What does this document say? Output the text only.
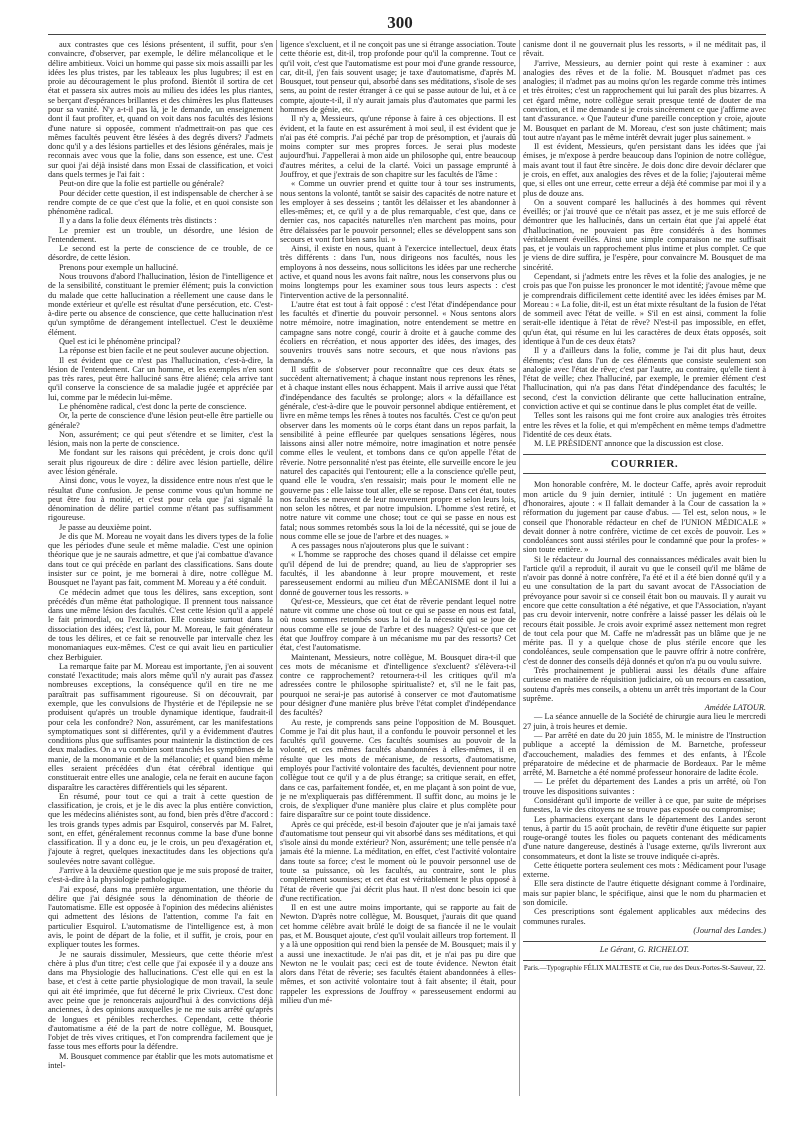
300

aux contrastes que ces lésions présentent, il suffit, pour s'en convaincre, d'observer, par exemple, le délire mélancolique et le délire ambitieux. Voici un homme qui passe six mois assailli par les idées les plus tristes, par les tableaux les plus lugubres; il est en proie au découragement le plus profond. Bientôt il sortira de cet état et passera six autres mois au milieu des idées les plus riantes, se berçant d'espérances brillantes et des chimères les plus flatteuses pour sa vanité. N'y a-t-il pas là, je le demande, un enseignement dont il faut profiter, et, quand on voit dans nos facultés des lésions d'une nature si opposée, comment n'admettrait-on pas que ces mêmes facultés peuvent être lésées à des degrés divers? J'admets donc qu'il y a des lésions partielles et des lésions générales, mais je reconnais avec vous que la folie, dans son essence, est une. C'est sur quoi j'ai déjà insisté dans mon Essai de classification, et voici dans quels termes je l'ai fait :

Peut-on dire que la folie est partielle ou générale?

Pour décider cette question, il est indispensable de chercher à se rendre compte de ce que c'est que la folie, et en quoi consiste son phénomène radical.

Il y a dans la folie deux éléments très distincts :

Le premier est un trouble, un désordre, une lésion de l'entendement.

Le second est la perte de conscience de ce trouble, de ce désordre, de cette lésion.

Prenons pour exemple un halluciné.

Nous trouvons d'abord l'hallucination, lésion de l'intelligence et de la sensibilité, constituant le premier élément; puis la conviction du malade que cette hallucination a réellement une cause dans le monde extérieur et qu'elle est résultat d'une persécution, etc. C'est-à-dire perte ou absence de conscience, que cette hallucination n'est qu'un symptôme de dérangement intellectuel. C'est le deuxième élément.

Quel est ici le phénomène principal?

La réponse est bien facile et ne peut soulever aucune objection.

Il est évident que ce n'est pas l'hallucination, c'est-à-dire, la lésion de l'entendement. Car un homme, et les exemples n'en sont pas très rares, peut être halluciné sans être aliéné; cela arrive tant qu'il conserve la conscience de sa maladie jugée et appréciée par lui, comme par le médecin lui-même.

Le phénomène radical, c'est donc la perte de conscience.

Or, la perte de conscience d'une lésion peut-elle être partielle ou générale?

Non, assurément; ce qui peut s'étendre et se limiter, c'est la lésion, mais non la perte de conscience.

Me fondant sur les raisons qui précèdent, je crois donc qu'il serait plus rigoureux de dire : délire avec lésion partielle, délire avec lésion générale.

Ainsi donc, vous le voyez, la dissidence entre nous n'est que le résultat d'une confusion. Je pense comme vous qu'un homme ne peut être fou à moitié, et c'est pour cela que j'ai signalé la dénomination de délire partiel comme n'étant pas suffisamment rigoureuse.

Je passe au deuxième point.

Je dis que M. Moreau ne voyait dans les divers types de la folie que les périodes d'une seule et même maladie. C'est une opinion théorique que je ne saurais admettre, et que j'ai combattue d'avance dans tout ce qui précède en parlant des classifications. Sans doute insister sur ce point, je me bornerai à dire, notre collègue M. Bousquet ne l'ayant pas fait, comment M. Moreau y a été conduit.

Ce médecin admet que tous les délires, sans exception, sont précédés d'un même état pathologique. Il prennent tous naissance dans une même lésion des facultés. C'est cette lésion qu'il a appelé le fait primordial, ou l'excitation. Elle consiste surtout dans la dissociation des idées; c'est là, pour M. Moreau, le fait générateur de tous les délires, et ce fait se renouvelle par intervalle chez les monomaniaques eux-mêmes. C'est ce qui avait lieu en particulier chez Berbiguier.

La remarque faite par M. Moreau est importante, j'en ai souvent constaté l'exactitude; mais alors même qu'il n'y aurait pas d'assez nombreuses exceptions, la conséquence qu'il en tire ne me paraîtrait pas suffisamment rigoureuse. Si on découvrait, par exemple, que les convulsions de l'hystérie et de l'épilepsie ne se produisent qu'après un trouble dynamique identique, faudrait-il pour cela les confondre? Non, assurément, car les manifestations symptomatiques sont si différentes, qu'il y a évidemment d'autres conditions plus que suffisantes pour maintenir la distinction de ces deux maladies. On a vu combien sont tranchés les symptômes de la manie, de la monomanie et de la mélancolie; et quand bien même elles seraient précédées d'un état cérébral identique qui constituerait entre elles une analogie, cela ne ferait en aucune façon disparaître les caractères différentiels qui les séparent.

En résumé, pour tout ce qui a trait à cette question de classification, je crois, et je le dis avec la plus entière conviction, que les médecins aliénistes sont, au fond, bien près d'être d'accord : les trois grands types admis par Esquirol, conservés par M. Falret, sont, en effet, généralement reconnus comme la base d'une bonne classification. Il y a donc eu, je le crois, un peu d'exagération et, j'ajoute à regret, quelques inexactitudes dans les objections qu'a soulevées notre savant collègue.

J'arrive à la deuxième question que je me suis proposé de traiter, c'est-à-dire à la physiologie pathologique.

J'ai exposé, dans ma première argumentation, une théorie du délire que j'ai désignée sous la dénomination de théorie de l'automatisme. Elle est opposée à l'opinion des médecins aliénistes qui admettent des lésions de l'attention, comme l'a fait en particulier Esquirol. L'automatisme de l'intelligence est, à mon avis, le point de départ de la folie, et il suffit, je crois, pour en expliquer toutes les formes.

Je ne saurais dissimuler, Messieurs, que cette théorie m'est chère à plus d'un titre; c'est celle que j'ai exposée il y a douze ans dans ma Physiologie des hallucinations. C'est elle qui en est la base, et c'est à cette partie physiologique de mon travail, la seule qui ait été imprimée, que fut décerné le prix Civrieux. C'est donc avec peine que je renoncerais aujourd'hui à des convictions déjà anciennes, à des opinions auxquelles je ne me suis arrêté qu'après de longues et pénibles recherches. Cependant, cette théorie d'automatisme a été de la part de notre collègue, M. Bousquet, l'objet de très vives critiques, et l'on comprendra facilement que je fasse tous mes efforts pour la défendre.

M. Bousquet commence par établir que les mots automatisme et intel-

ligence s'excluent, et il ne conçoit pas une si étrange association. Toute cette théorie est, dit-il, trop profonde pour qu'il la comprenne. Tout ce qu'il voit, c'est que l'automatisme est pour moi d'une grande ressource, car, dit-il, j'en fais souvent usage; je taxe d'automatisme, d'après M. Bousquet, tout penseur qui, absorbé dans ses méditations, s'isole de ses sens, au point de rester étranger à ce qui se passe autour de lui, et à ce compte, ajoute-t-il, il n'y aurait jamais plus d'automates que parmi les hommes de génie, etc.

Il n'y a, Messieurs, qu'une réponse à faire à ces objections. Il est évident, et la faute en est assurément à moi seul, il est évident que je n'ai pas été compris. J'ai péché par trop de présomption, et j'aurais dû moins compter sur mes propres forces. Je serai plus modeste aujourd'hui. J'appellerai à mon aide un philosophe qui, entre beaucoup d'autres mérites, a celui de la clarté. Voici un passage emprunté à Jouffroy, et que j'extrais de son chapitre sur les facultés de l'âme :

« Comme un ouvrier prend et quitte tour à tour ses instruments, nous sentons la volonté, tantôt se saisir des capacités de notre nature et les employer à ses desseins ; tantôt les délaisser et les abandonner à elles-mêmes; et, ce qu'il y a de plus remarquable, c'est que, dans ce dernier cas, nos capacités naturelles n'en marchent pas moins, pour être délaissées par le pouvoir personnel; elles se développent sans son secours et vont fort bien sans lui. »

Ainsi, il existe en nous, quant à l'exercice intellectuel, deux états très différents : dans l'un, nous dirigeons nos facultés, nous les employons à nos desseins, nous sollicitons les idées par une recherche active, et quand nous les avons fait naître, nous les conservons plus ou moins longtemps pour les examiner sous tous leurs aspects : c'est l'intervention active de la personnalité.

L'autre état est tout à fait opposé : c'est l'état d'indépendance pour les facultés et d'inertie du pouvoir personnel. « Nous sentons alors notre mémoire, notre imagination, notre entendement se mettre en campagne sans notre congé, courir à droite et à gauche comme des écoliers en récréation, et nous apporter des idées, des images, des souvenirs trouvés sans notre secours, et que nous n'avions pas demandés. »

Il suffit de s'observer pour reconnaître que ces deux états se succèdent alternativement; à chaque instant nous reprenons les rênes, et à chaque instant elles nous échappent. Mais il arrive aussi que l'état d'indépendance des facultés se prolonge; alors « la défaillance est générale, c'est-à-dire que le pouvoir personnel abdique entièrement, et livre en même temps les rênes à toutes nos facultés. C'est ce qu'on peut observer dans les moments où le corps étant dans un repos parfait, la sensibilité à peine effleurée par quelques sensations légères, nous laissons ainsi aller notre mémoire, notre imagination et notre pensée comme elles le veulent, et tombons dans ce qu'on appelle l'état de rêverie. Notre personnalité n'est pas éteinte, elle surveille encore le jeu naturel des capacités qui l'entourent; elle a la conscience qu'elle peut, quand elle le voudra, s'en ressaisir; mais pour le moment elle ne gouverne pas : elle laisse tout aller, elle se repose. Dans cet état, toutes nos facultés se meuvent de leur mouvement propre et selon leurs lois, non selon les nôtres, et par notre impulsion. L'homme s'est retiré, et notre nature vit comme une chose; tout ce qui se passe en nous est fatal; nous sommes retombés sous la loi de la nécessité, qui se joue de nous comme elle se joue de l'arbre et des nuages. »

A ces passages nous n'ajouterons plus que le suivant :

« L'homme se rapproche des choses quand il délaisse cet empire qu'il dépend de lui de prendre; quand, au lieu de s'approprier ses facultés, il les abandonne à leur propre mouvement, et reste paresseusement endormi au milieu d'un MÉCANISME dont il lui a donné de gouverner tous les ressorts. »

Qu'est-ce, Messieurs, que cet état de rêverie pendant lequel notre nature vit comme une chose où tout ce qui se passe en nous est fatal, où nous sommes retombés sous la loi de la nécessité qui se joue de nous comme elle se joue de l'arbre et des nuages? Qu'est-ce que cet état que Jouffroy compare à un mécanisme mu par des ressorts? Cet état, c'est l'automatisme.

Maintenant, Messieurs, notre collègue, M. Bousquet dira-t-il que ces mots de mécanisme et d'intelligence s'excluent? s'élèvera-t-il contre ce rapprochement? retournera-t-il les critiques qu'il m'a adressées contre le philosophe spiritualiste? et, s'il ne le fait pas, pourquoi ne serai-je pas autorisé à conserver ce mot d'automatisme pour désigner d'une manière plus brève l'état complet d'indépendance des facultés?

Au reste, je comprends sans peine l'opposition de M. Bousquet. Comme je l'ai dit plus haut, il a confondu le pouvoir personnel et les facultés qu'il gouverne. Ces facultés soumises au pouvoir de la volonté, et ces mêmes facultés abandonnées à elles-mêmes, il en résulte que les mots de mécanisme, de ressorts, d'automatisme, employés pour l'activité volontaire des facultés, deviennent pour notre collègue tout ce qu'il y a de plus étrange; sa critique serait, en effet, dans ce cas, parfaitement fondée, et, en me plaçant à son point de vue, je ne m'expliquerais pas différemment. Il suffit donc, au moins je le crois, de s'expliquer d'une manière plus claire et plus complète pour faire disparaître sur ce point toute dissidence.

Après ce qui précède, est-il besoin d'ajouter que je n'ai jamais taxé d'automatisme tout penseur qui vit absorbé dans ses méditations, et qui s'isole ainsi du monde extérieur? Non, assurément; une telle pensée n'a jamais été la mienne. La méditation, en effet, c'est l'activité volontaire dans toute sa force; c'est le moment où le pouvoir personnel use de toute sa puissance, où les facultés, au contraire, sont le plus complètement soumises; et cet état est véritablement le plus opposé à l'état de rêverie que j'ai décrit plus haut. Il n'est donc besoin ici que d'une rectification.

Il en est une autre moins importante, qui se rapporte au fait de Newton. D'après notre collègue, M. Bousquet, j'aurais dit que quand cet homme célèbre avait brûlé le doigt de sa fiancée il ne le voulait pas, et M. Bousquet ajoute, c'est qu'il voulait ailleurs trop fortement. Il y a là une opposition qui rend bien la pensée de M. Bousquet; mais il y a aussi une inexactitude. Je n'ai pas dit, et je n'ai pas pu dire que Newton ne le voulait pas; ceci est de toute évidence. Newton était alors dans l'état de rêverie; ses facultés étaient abandonnées à elles-mêmes, et son activité volontaire tout à fait absente; il était, pour rappeler les expressions de Jouffroy « paresseusement endormi au milieu d'un mé-

canisme dont il ne gouvernait plus les ressorts, » il ne méditait pas, il rêvait.

J'arrive, Messieurs, au dernier point qui reste à examiner : aux analogies des rêves et de la folie. M. Bousquet n'admet pas ces analogies; il n'admet pas au moins qu'on les regarde comme très intimes et très étroites; c'est un rapprochement qui lui paraît des plus bizarres. A cet égard même, notre collègue serait presque tenté de douter de ma conviction, et il me demande si je crois sincèrement ce que j'affirme avec tant d'assurance. « Que l'auteur d'une pareille conception y croie, ajoute M. Bousquet en parlant de M. Moreau, c'est son juste châtiment; mais tout autre n'ayant pas le même intérêt devrait juger plus sainement. »

Il est évident, Messieurs, qu'en persistant dans les idées que j'ai émises, je m'expose à perdre beaucoup dans l'opinion de notre collègue, mais avant tout il faut être sincère. Je dois donc dire devoir déclarer que je crois, en effet, aux analogies des rêves et de la folie; j'ajouterai même que, si elles ont une erreur, cette erreur a déjà été commise par moi il y a plus de douze ans.

On a souvent comparé les hallucinés à des hommes qui rêvent éveillés; or j'ai trouvé que ce n'était pas assez, et je me suis efforcé de démontrer que les hallucinés, dans un certain état que j'ai appelé état d'hallucination, ne pouvaient pas être considérés à des hommes véritablement éveillés. Ainsi une simple comparaison ne me suffisait pas, et je voulais un rapprochement plus intime et plus complet. Ce que je viens de dire suffira, je l'espère, pour convaincre M. Bousquet de ma sincérité.

Cependant, si j'admets entre les rêves et la folie des analogies, je ne crois pas que l'on puisse les prononcer le mot identité; j'avoue même que je comprendrais difficilement cette identité avec les idées émises par M. Moreau : « La folie, dit-il, est un état mixte résultant de la fusion de l'état de sommeil avec l'état de veille. » S'il en est ainsi, comment la folie serait-elle identique à l'état de rêve? N'est-il pas impossible, en effet, qu'un état, qui résume en lui les caractères de deux états opposés, soit identique à l'un de ces deux états?

Il y a d'ailleurs dans la folie, comme je l'ai dit plus haut, deux éléments; c'est dans l'un de ces éléments que consiste seulement son analogie avec l'état de rêve; c'est par l'autre, au contraire, qu'elle tient à l'état de veille; chez l'halluciné, par exemple, le premier élément c'est l'hallucination, qui n'a pas dans l'état d'indépendance des facultés; le second, c'est la conviction délirante que cette hallucination entraîne, conviction active et qui se continue dans le plus complet état de veille.

Telles sont les raisons qui me font croire aux analogies très étroites entre les rêves et la folie, et qui m'empêchent en même temps d'admettre l'identité de ces deux états.

M. LE PRÉSIDENT annonce que la discussion est close.

COURRIER.

Mon honorable confrère, M. le docteur Caffe, après avoir reproduit mon article du 9 juin dernier, intitulé : Un jugement en matière d'honoraires, ajoute : « Il fallait demander à la Cour de cassation la » réformation du jugement par cause d'abus. — Tel est, selon nous, » le conseil que l'honorable rédacteur en chef de l'UNION MÉDICALE » devait donner à notre confrère, victime de cet excès de pouvoir. Les » condoléances sont aussi stériles pour le condamné que pour la profes- » sion toute entière. »

Si le rédacteur du Journal des connaissances médicales avait bien lu l'article qu'il a reproduit, il aurait vu que le conseil qu'il me blâme de n'avoir pas donné à notre confrère, l'a été et il a été bien donné qu'il y a eu une consultation de la part du savant avocat de l'Association de prévoyance pour savoir si ce conseil était bon ou mauvais. Il y aurait vu encore que cette consultation a été négative, et que l'Association, n'ayant pas cru devoir intervenir, notre confrère a laissé passer les délais où le recours était possible. Je crois avoir exprimé assez nettement mon regret de tout cela pour que M. Caffe ne m'adressât pas un blâme que je ne mérite pas. Il y a quelque chose de plus stérile encore que les condoléances, seule compensation que le pauvre offrir à notre confrère, c'est de donner des conseils déjà donnés et qu'on n'a pu ou voulu suivre.

Très prochainement je publierai aussi les détails d'une affaire curieuse en matière de réquisition judiciaire, où un recours en cassation, soutenu d'après mes conseils, a obtenu un arrêt très important de la Cour suprême.

Amédée LATOUR.

— La séance annuelle de la Société de chirurgie aura lieu le mercredi 27 juin, à trois heures et demie.

— Par arrêté en date du 20 juin 1855, M. le ministre de l'Instruction publique a accepté la démission de M. Barnetche, professeur d'accouchement, maladies des femmes et des enfants, à l'École préparatoire de médecine et de pharmacie de Bordeaux. Par le même arrêté, M. Barnetche a été nommé professeur honoraire de ladite école.

— Le préfet du département des Landes a pris un arrêté, où l'on trouve les dispositions suivantes :

Considérant qu'il importe de veiller à ce que, par suite de méprises funestes, la vie des citoyens ne se trouve pas exposée ou compromise;

Les pharmaciens exerçant dans le département des Landes seront tenus, à partir du 15 août prochain, de revêtir d'une étiquette sur papier rouge-orangé toutes les fioles ou paquets contenant des médicaments d'une nature dangereuse, destinés à l'usage externe, qu'ils livreront aux consommateurs, et dont la liste se trouve indiquée ci-après.

Cette étiquette portera seulement ces mots : Médicament pour l'usage externe.

Elle sera distincte de l'autre étiquette désignant comme à l'ordinaire, mais sur papier blanc, le spécifique, ainsi que le nom du pharmacien et son domicile.

Ces prescriptions sont également applicables aux médecins des communes rurales.

(Journal des Landes.)
Le Gérant, G. RICHELOT.
Paris.—Typographie FÉLIX MALTESTE et Cie, rue des Deux-Portes-St-Sauveur, 22.
